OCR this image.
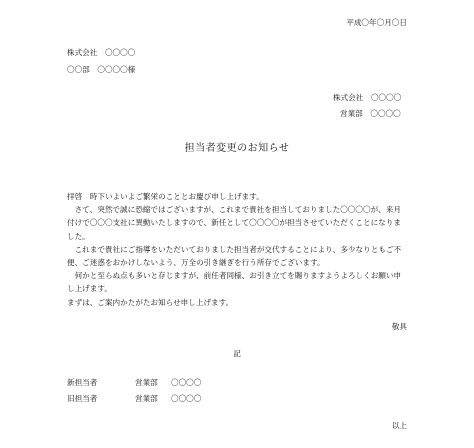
平成〇年〇月〇日
株式会社　〇〇〇〇
〇〇部　〇〇〇〇様
株式会社　〇〇〇〇
営業部　〇〇〇〇
担当者変更のお知らせ

拝啓　時下いよいよご繁栄のこととお慶び申し上げます。

さて、突然で誠に恐縮ではございますが、これまで貴社を担当しておりました〇〇〇〇が、来月付けで〇〇〇支社に異動いたしますので、新任として〇〇〇〇が担当させていただくことになりました。

これまで貴社にご指導をいただいておりました担当者が交代することにより、多少なりともご不便、ご迷惑をおかけしないよう、万全の引き継ぎを行う所存でございます。

何かと至らぬ点も多いと存じますが、前任者同様、お引き立てを賜りますようよろしくお願い申し上げます。

まずは、ご案内かたがたお知らせ申し上げます。

敬具
記
新担当者	営業部	〇〇〇〇
旧担当者	営業部	〇〇〇〇
以上
